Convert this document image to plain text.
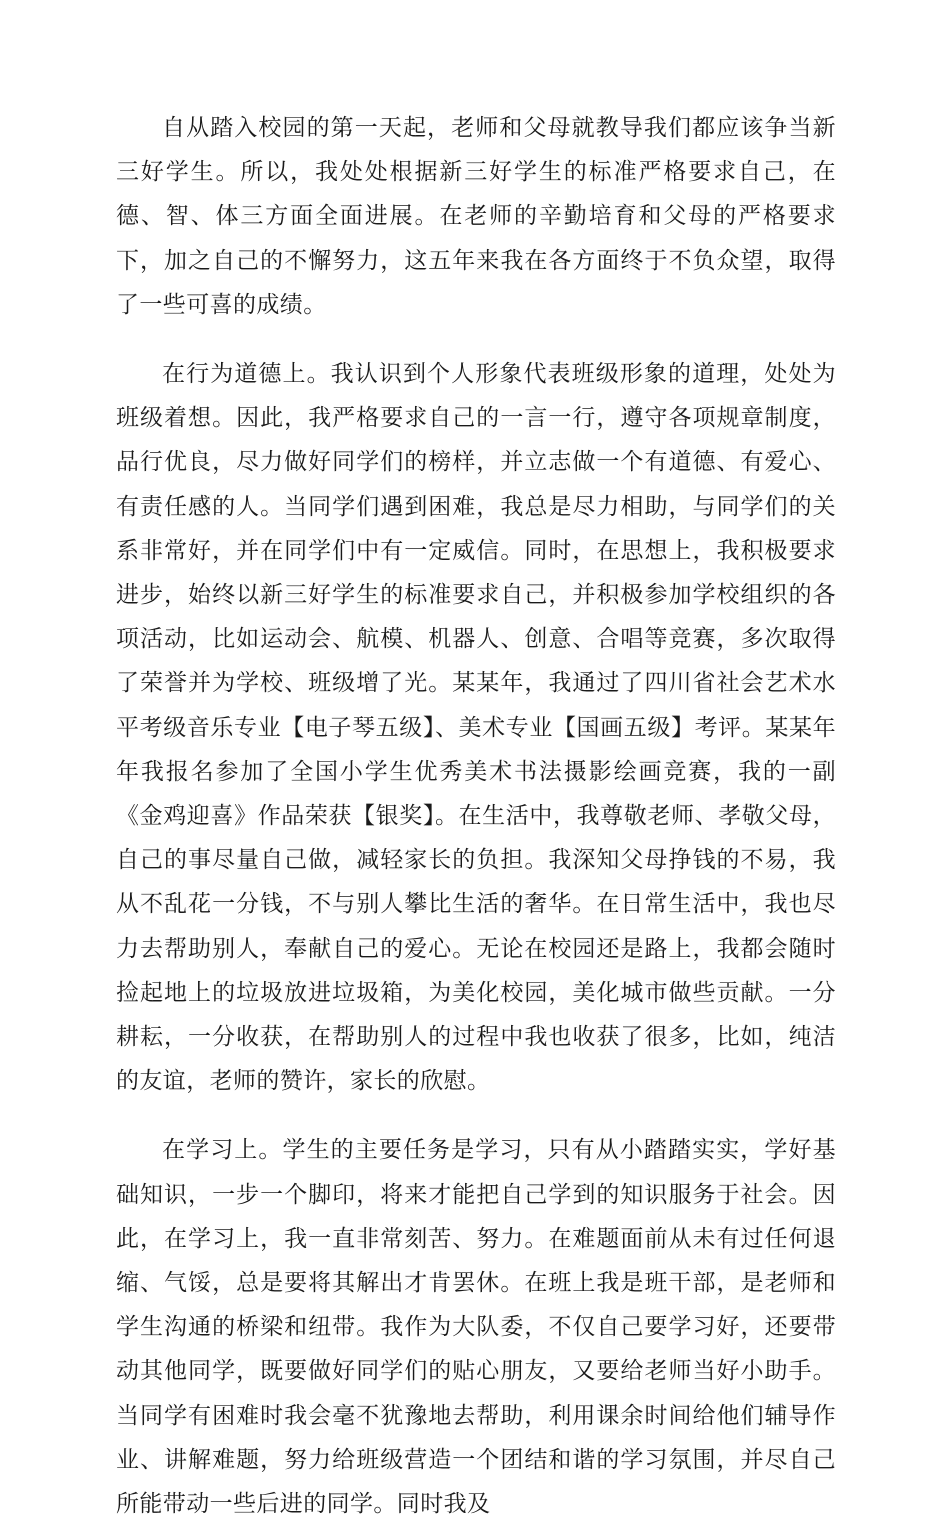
自从踏入校园的第一天起，老师和父母就教导我们都应该争当新三好学生。所以，我处处根据新三好学生的标准严格要求自己，在德、智、体三方面全面进展。在老师的辛勤培育和父母的严格要求下，加之自己的不懈努力，这五年来我在各方面终于不负众望，取得了一些可喜的成绩。

在行为道德上。我认识到个人形象代表班级形象的道理，处处为班级着想。因此，我严格要求自己的一言一行，遵守各项规章制度，品行优良，尽力做好同学们的榜样，并立志做一个有道德、有爱心、有责任感的人。当同学们遇到困难，我总是尽力相助，与同学们的关系非常好，并在同学们中有一定威信。同时，在思想上，我积极要求进步，始终以新三好学生的标准要求自己，并积极参加学校组织的各项活动，比如运动会、航模、机器人、创意、合唱等竞赛，多次取得了荣誉并为学校、班级增了光。某某年，我通过了四川省社会艺术水平考级音乐专业【电子琴五级】、美术专业【国画五级】考评。某某年年我报名参加了全国小学生优秀美术书法摄影绘画竞赛，我的一副《金鸡迎喜》作品荣获【银奖】。在生活中，我尊敬老师、孝敬父母，自己的事尽量自己做，减轻家长的负担。我深知父母挣钱的不易，我从不乱花一分钱，不与别人攀比生活的奢华。在日常生活中，我也尽力去帮助别人，奉献自己的爱心。无论在校园还是路上，我都会随时捡起地上的垃圾放进垃圾箱，为美化校园，美化城市做些贡献。一分耕耘，一分收获，在帮助别人的过程中我也收获了很多，比如，纯洁的友谊，老师的赞许，家长的欣慰。

在学习上。学生的主要任务是学习，只有从小踏踏实实，学好基础知识，一步一个脚印，将来才能把自己学到的知识服务于社会。因此，在学习上，我一直非常刻苦、努力。在难题面前从未有过任何退缩、气馁，总是要将其解出才肯罢休。在班上我是班干部，是老师和学生沟通的桥梁和纽带。我作为大队委，不仅自己要学习好，还要带动其他同学，既要做好同学们的贴心朋友，又要给老师当好小助手。当同学有困难时我会毫不犹豫地去帮助，利用课余时间给他们辅导作业、讲解难题，努力给班级营造一个团结和谐的学习氛围，并尽自己所能带动一些后进的同学。同时我及
